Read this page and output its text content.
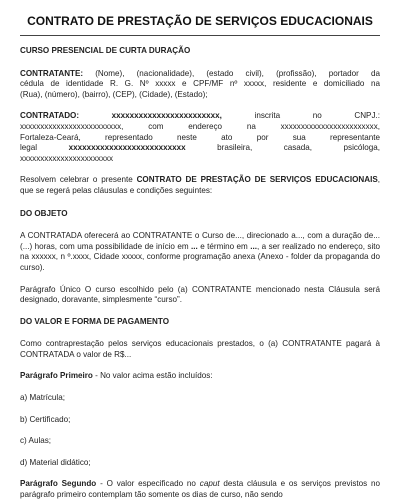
CONTRATO DE PRESTAÇÃO DE SERVIÇOS EDUCACIONAIS

CURSO PRESENCIAL DE CURTA DURAÇÃO

CONTRATANTE: (Nome), (nacionalidade), (estado civil), (profissão), portador da

cédula de identidade R. G. Nº xxxxx e CPF/MF nº xxxxx, residente e domiciliado na

(Rua), (número), (bairro), (CEP), (Cidade), (Estado);

CONTRATADO:	xxxxxxxxxxxxxxxxxxxxxxxx,	inscrita no CNPJ.:

xxxxxxxxxxxxxxxxxxxxxxxxx, com endereço na xxxxxxxxxxxxxxxxxxxxxxxx,

Fortaleza-Ceará, representado neste ato por sua representante

legal xxxxxxxxxxxxxxxxxxxxxxxxxx brasileira, casada, psicóloga,

xxxxxxxxxxxxxxxxxxxxxxx

Resolvem celebrar o presente CONTRATO DE PRESTAÇÃO DE SERVIÇOS EDUCACIONAIS, que se regerá pelas cláusulas e condições seguintes:

DO OBJETO

A CONTRATADA oferecerá ao CONTRATANTE o Curso de..., direcionado a..., com a duração de... (...) horas, com uma possibilidade de início em ... e término em ..., a ser realizado no endereço, sito na xxxxxx, n º.xxxx, Cidade xxxxx, conforme programação anexa (Anexo - folder da propaganda do curso).

Parágrafo Único O curso escolhido pelo (a) CONTRATANTE mencionado nesta Cláusula será designado, doravante, simplesmente “curso”.

DO VALOR E FORMA DE PAGAMENTO

Como contraprestação pelos serviços educacionais prestados, o (a) CONTRATANTE pagará à CONTRATADA o valor de R$...

Parágrafo Primeiro - No valor acima estão incluídos:

a) Matrícula;

b) Certificado;

c) Aulas;

d) Material didático;

Parágrafo Segundo - O valor especificado no caput desta cláusula e os serviços previstos no parágrafo primeiro contemplam tão somente os dias de curso, não sendo
